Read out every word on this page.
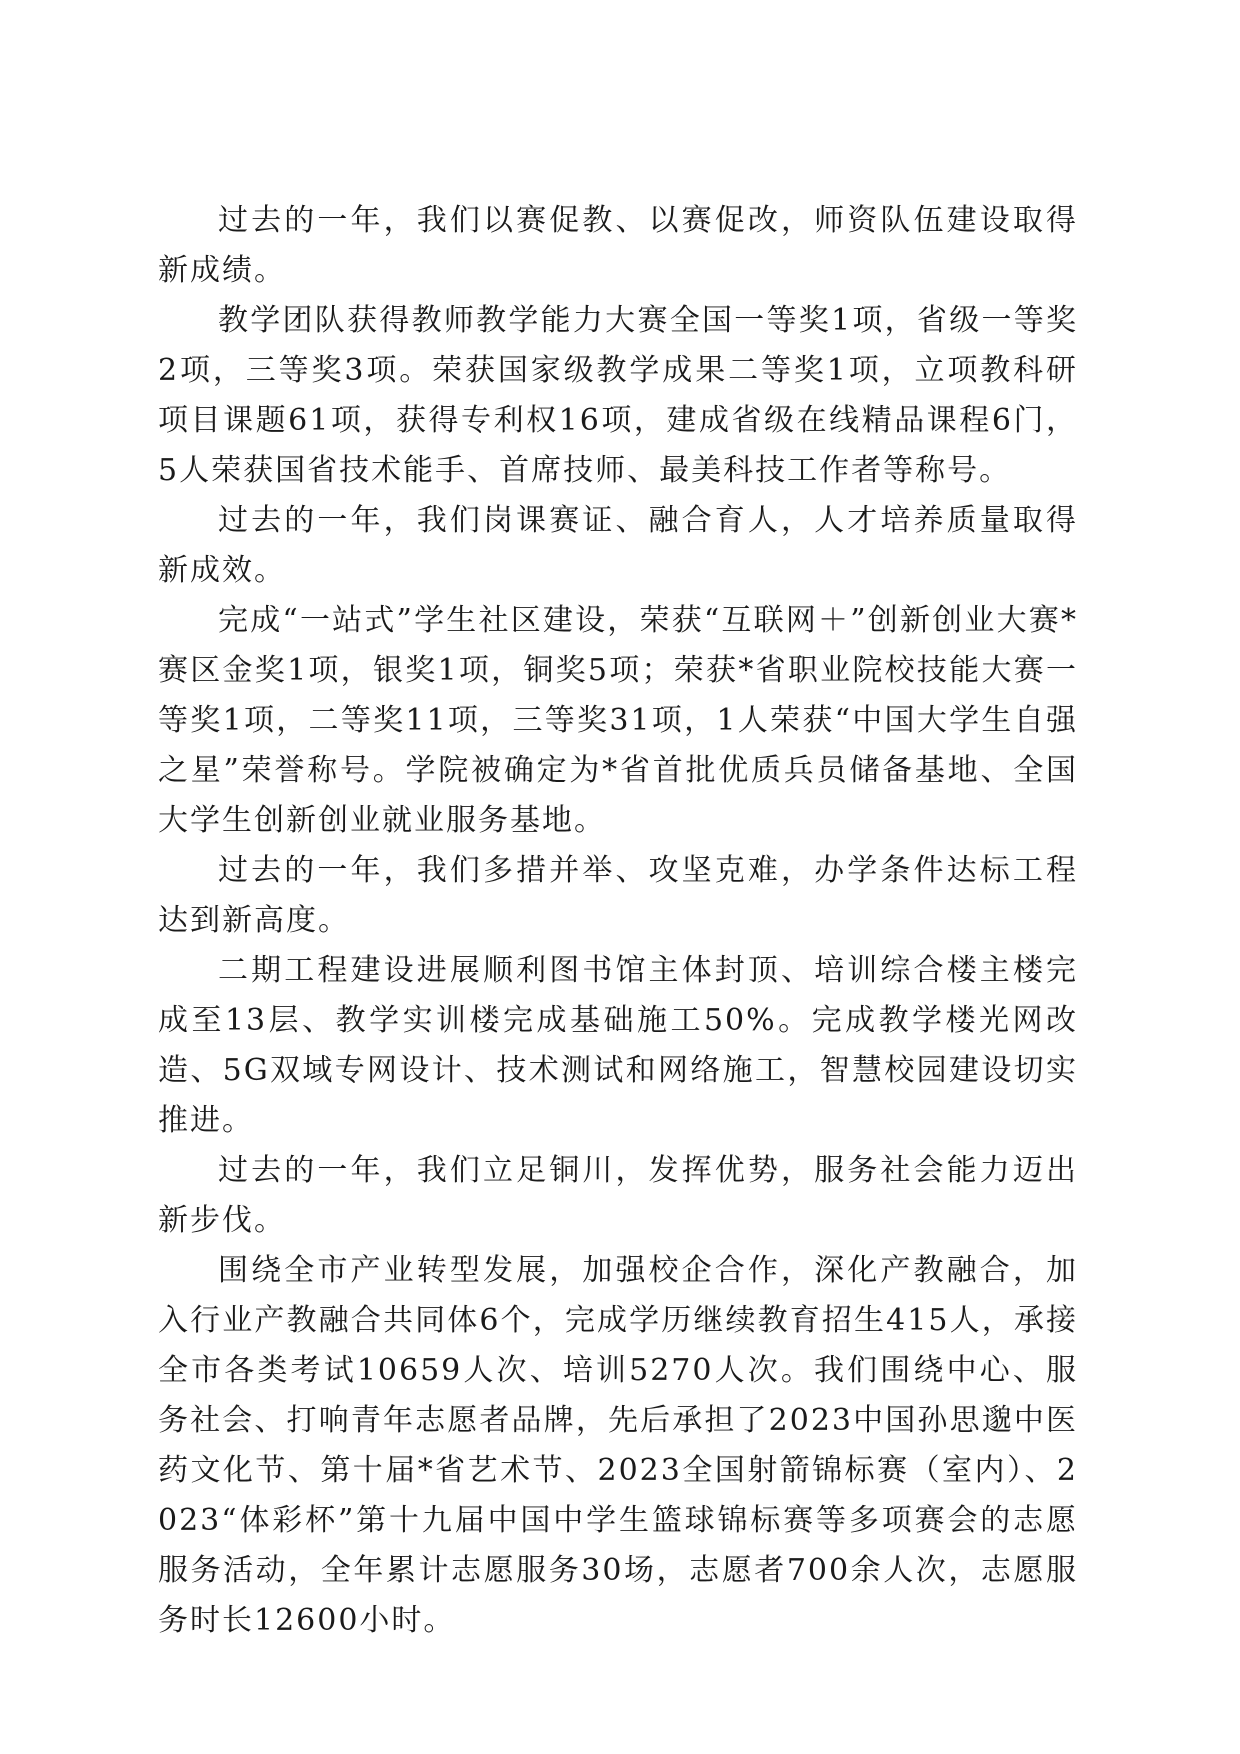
过去的一年，我们以赛促教、以赛促改，师资队伍建设取得新成绩。

教学团队获得教师教学能力大赛全国一等奖1项，省级一等奖2项，三等奖3项。荣获国家级教学成果二等奖1项，立项教科研项目课题61项，获得专利权16项，建成省级在线精品课程6门，5人荣获国省技术能手、首席技师、最美科技工作者等称号。

过去的一年，我们岗课赛证、融合育人，人才培养质量取得新成效。

完成“一站式”学生社区建设，荣获“互联网＋”创新创业大赛*赛区金奖1项，银奖1项，铜奖5项；荣获*省职业院校技能大赛一等奖1项，二等奖11项，三等奖31项，1人荣获“中国大学生自强之星”荣誉称号。学院被确定为*省首批优质兵员储备基地、全国大学生创新创业就业服务基地。

过去的一年，我们多措并举、攻坚克难，办学条件达标工程达到新高度。

二期工程建设进展顺利图书馆主体封顶、培训综合楼主楼完成至13层、教学实训楼完成基础施工50%。完成教学楼光网改造、5G双域专网设计、技术测试和网络施工，智慧校园建设切实推进。

过去的一年，我们立足铜川，发挥优势，服务社会能力迈出新步伐。

围绕全市产业转型发展，加强校企合作，深化产教融合，加入行业产教融合共同体6个，完成学历继续教育招生415人，承接全市各类考试10659人次、培训5270人次。我们围绕中心、服务社会、打响青年志愿者品牌，先后承担了2023中国孙思邈中医药文化节、第十届*省艺术节、2023全国射箭锦标赛（室内）、2023“体彩杯”第十九届中国中学生篮球锦标赛等多项赛会的志愿服务活动，全年累计志愿服务30场，志愿者700余人次，志愿服务时长12600小时。
